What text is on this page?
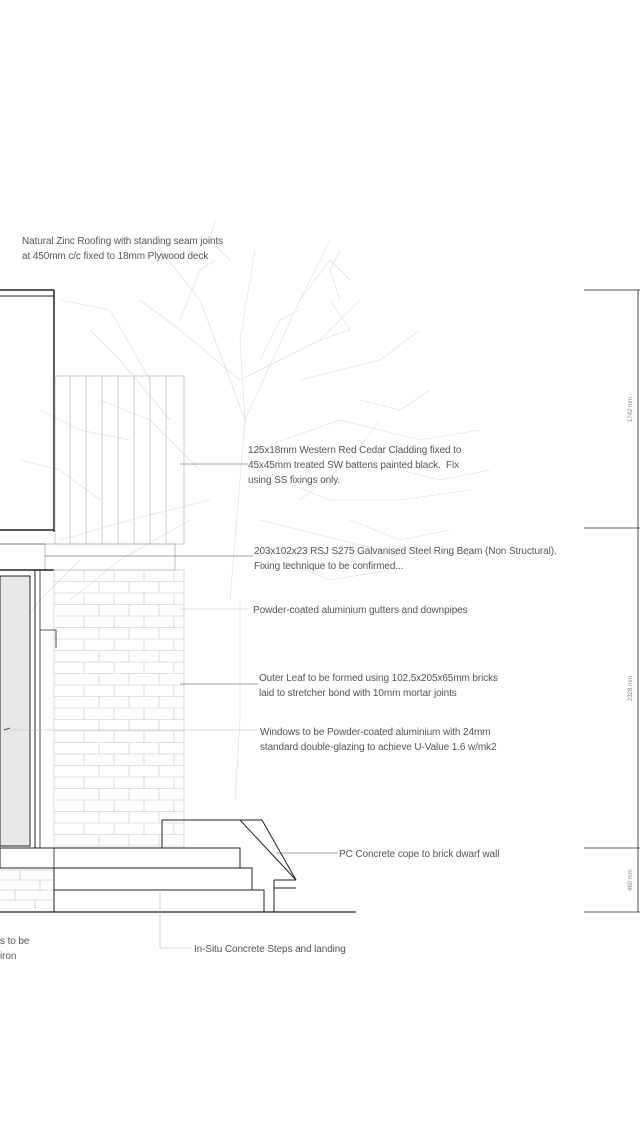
Natural Zinc Roofing with standing seam joints
at 450mm c/c fixed to 18mm Plywood deck
125x18mm Western Red Cedar Cladding fixed to
45x45mm treated SW battens painted black.  Fix
using SS fixings only.
203x102x23 RSJ S275 Galvanised Steel Ring Beam (Non Structural).
Fixing technique to be confirmed...
Powder-coated aluminium gutters and downpipes
Outer Leaf to be formed using 102.5x205x65mm bricks
laid to stretcher bond with 10mm mortar joints
Windows to be Powder-coated aluminium with 24mm
standard double-glazing to achieve U-Value 1.6 w/mk2
PC Concrete cope to brick dwarf wall
In-Situ Concrete Steps and landing
s to be
iron
1742 mm
2328 mm
460 mm
